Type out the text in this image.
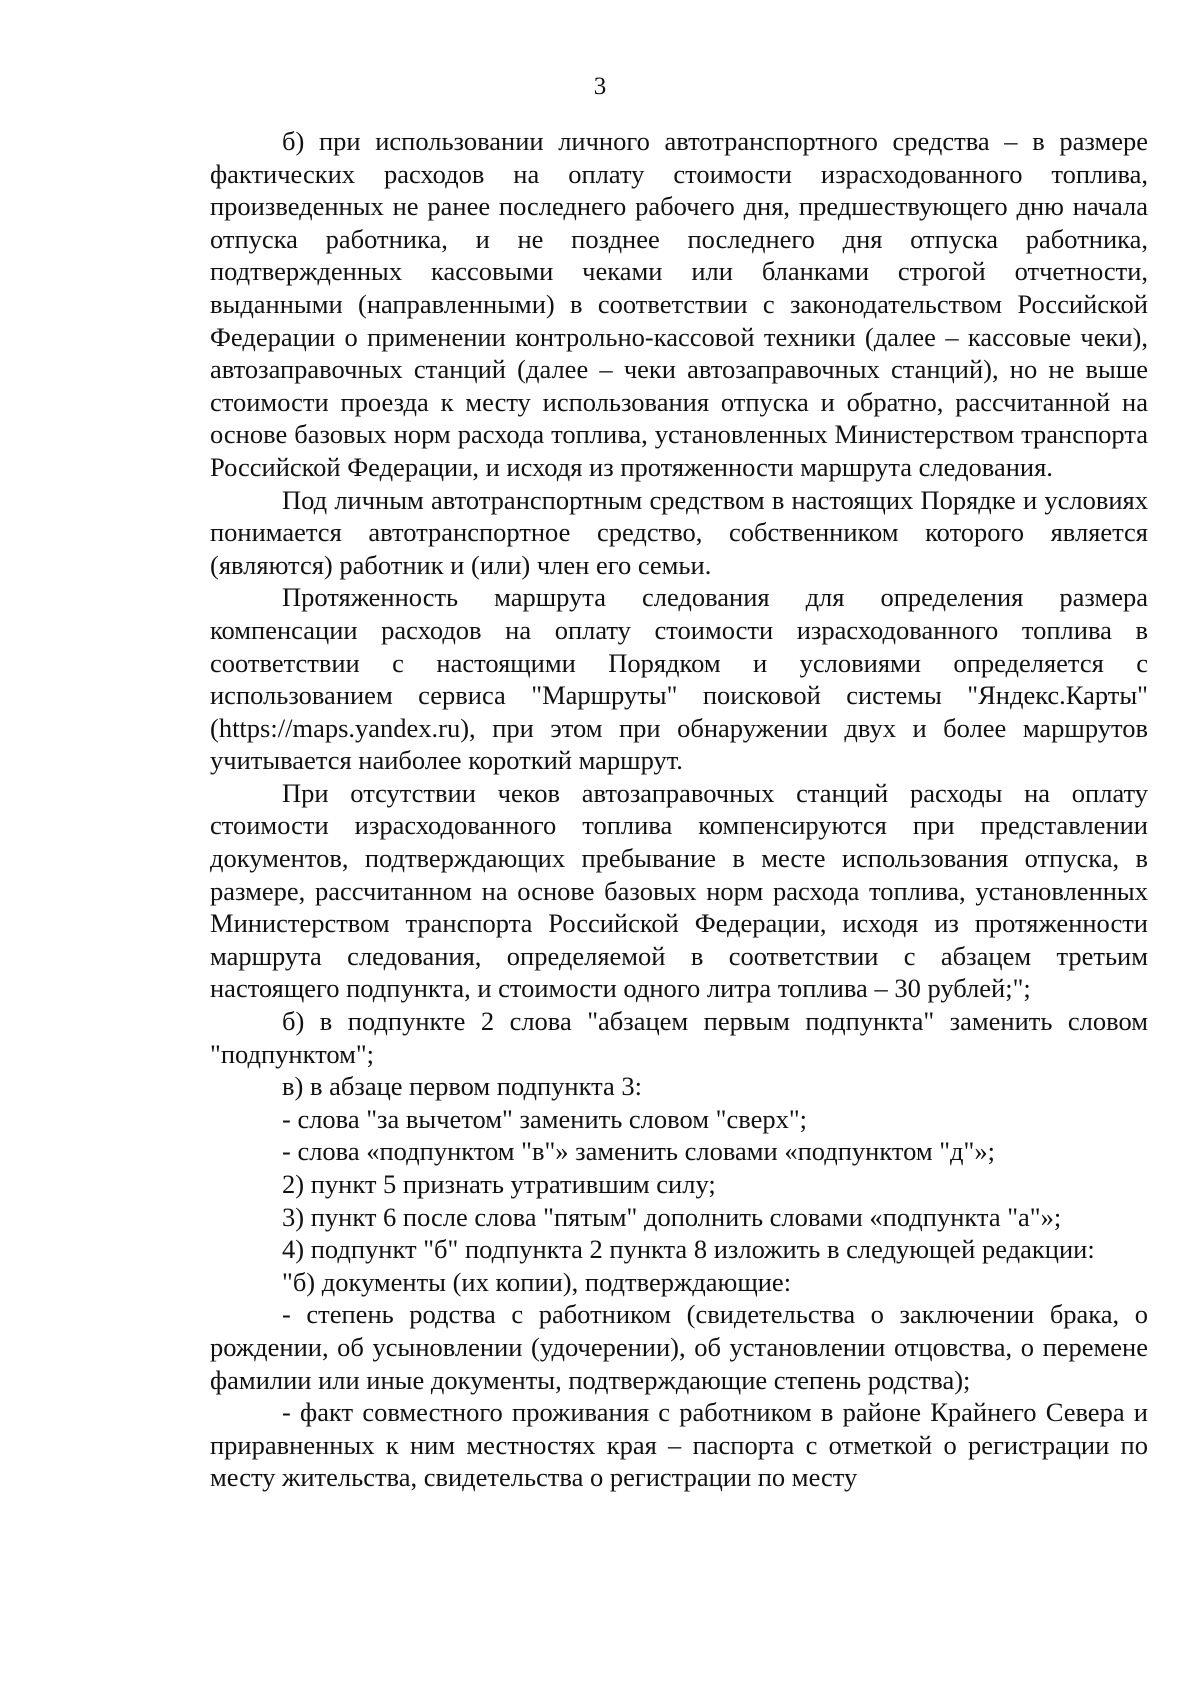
3

б) при использовании личного автотранспортного средства – в размере фактических расходов на оплату стоимости израсходованного топлива, произведенных не ранее последнего рабочего дня, предшествующего дню начала отпуска работника, и не позднее последнего дня отпуска работника, подтвержденных кассовыми чеками или бланками строгой отчетности, выданными (направленными) в соответствии с законодательством Российской Федерации о применении контрольно-кассовой техники (далее – кассовые чеки), автозаправочных станций (далее – чеки автозаправочных станций), но не выше стоимости проезда к месту использования отпуска и обратно, рассчитанной на основе базовых норм расхода топлива, установленных Министерством транспорта Российской Федерации, и исходя из протяженности маршрута следования.

Под личным автотранспортным средством в настоящих Порядке и условиях понимается автотранспортное средство, собственником которого является (являются) работник и (или) член его семьи.

Протяженность маршрута следования для определения размера компенсации расходов на оплату стоимости израсходованного топлива в соответствии с настоящими Порядком и условиями определяется с использованием сервиса "Маршруты" поисковой системы "Яндекс.Карты" (https://maps.yandex.ru), при этом при обнаружении двух и более маршрутов учитывается наиболее короткий маршрут.

При отсутствии чеков автозаправочных станций расходы на оплату стоимости израсходованного топлива компенсируются при представлении документов, подтверждающих пребывание в месте использования отпуска, в размере, рассчитанном на основе базовых норм расхода топлива, установленных Министерством транспорта Российской Федерации, исходя из протяженности маршрута следования, определяемой в соответствии с абзацем третьим настоящего подпункта, и стоимости одного литра топлива – 30 рублей;";

б) в подпункте 2 слова "абзацем первым подпункта" заменить словом "подпунктом";

в) в абзаце первом подпункта 3:

- слова "за вычетом" заменить словом "сверх";

- слова «подпунктом "в"» заменить словами «подпунктом "д"»;

2) пункт 5 признать утратившим силу;

3) пункт 6 после слова "пятым" дополнить словами «подпункта "а"»;

4) подпункт "б" подпункта 2 пункта 8 изложить в следующей редакции:

"б) документы (их копии), подтверждающие:

- степень родства с работником (свидетельства о заключении брака, о рождении, об усыновлении (удочерении), об установлении отцовства, о перемене фамилии или иные документы, подтверждающие степень родства);

- факт совместного проживания с работником в районе Крайнего Севера и приравненных к ним местностях края – паспорта с отметкой о регистрации по месту жительства, свидетельства о регистрации по месту
